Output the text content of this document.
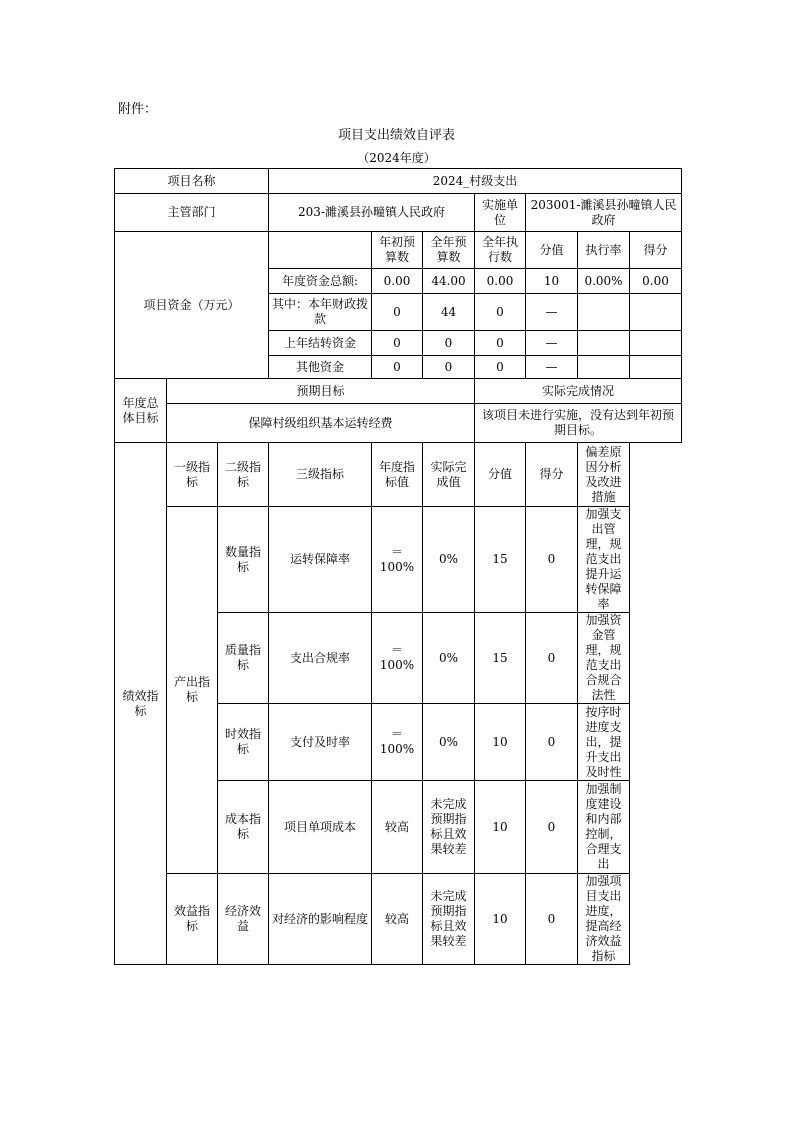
附件：
项目支出绩效自评表
（2024年度）
项目名称			2024_村级支出						
主管部门			203-濉溪县孙疃镇人民政府			实施单位	203001-濉溪县孙疃镇人民政府		
项目资金（万元）				年初预算数	全年预算数	全年执行数	分值	执行率	得分
			年度资金总额:	0.00	44.00	0.00	10	0.00%	0.00
			其中：本年财政拨款	0	44	0	—		
			上年结转资金	0	0	0	—		
			其他资金	0	0	0	—		
年度总体目标	预期目标					实际完成情况			
	保障村级组织基本运转经费					该项目未进行实施，没有达到年初预期目标。			
绩效指标	一级指标	二级指标	三级指标	年度指标值	实际完成值	分值	得分	偏差原因分析及改进措施	
	产出指标	数量指标	运转保障率	＝100%	0%	15	0	加强支出管理，规范支出提升运转保障率	
		质量指标	支出合规率	＝100%	0%	15	0	加强资金管理，规范支出合规合法性	
		时效指标	支付及时率	＝100%	0%	10	0	按序时进度支出，提升支出及时性	
		成本指标	项目单项成本	较高	未完成预期指标且效果较差	10	0	加强制度建设和内部控制，合理支出	
	效益指标	经济效益	对经济的影响程度	较高	未完成预期指标且效果较差	10	0	加强项目支出进度，提高经济效益指标	
